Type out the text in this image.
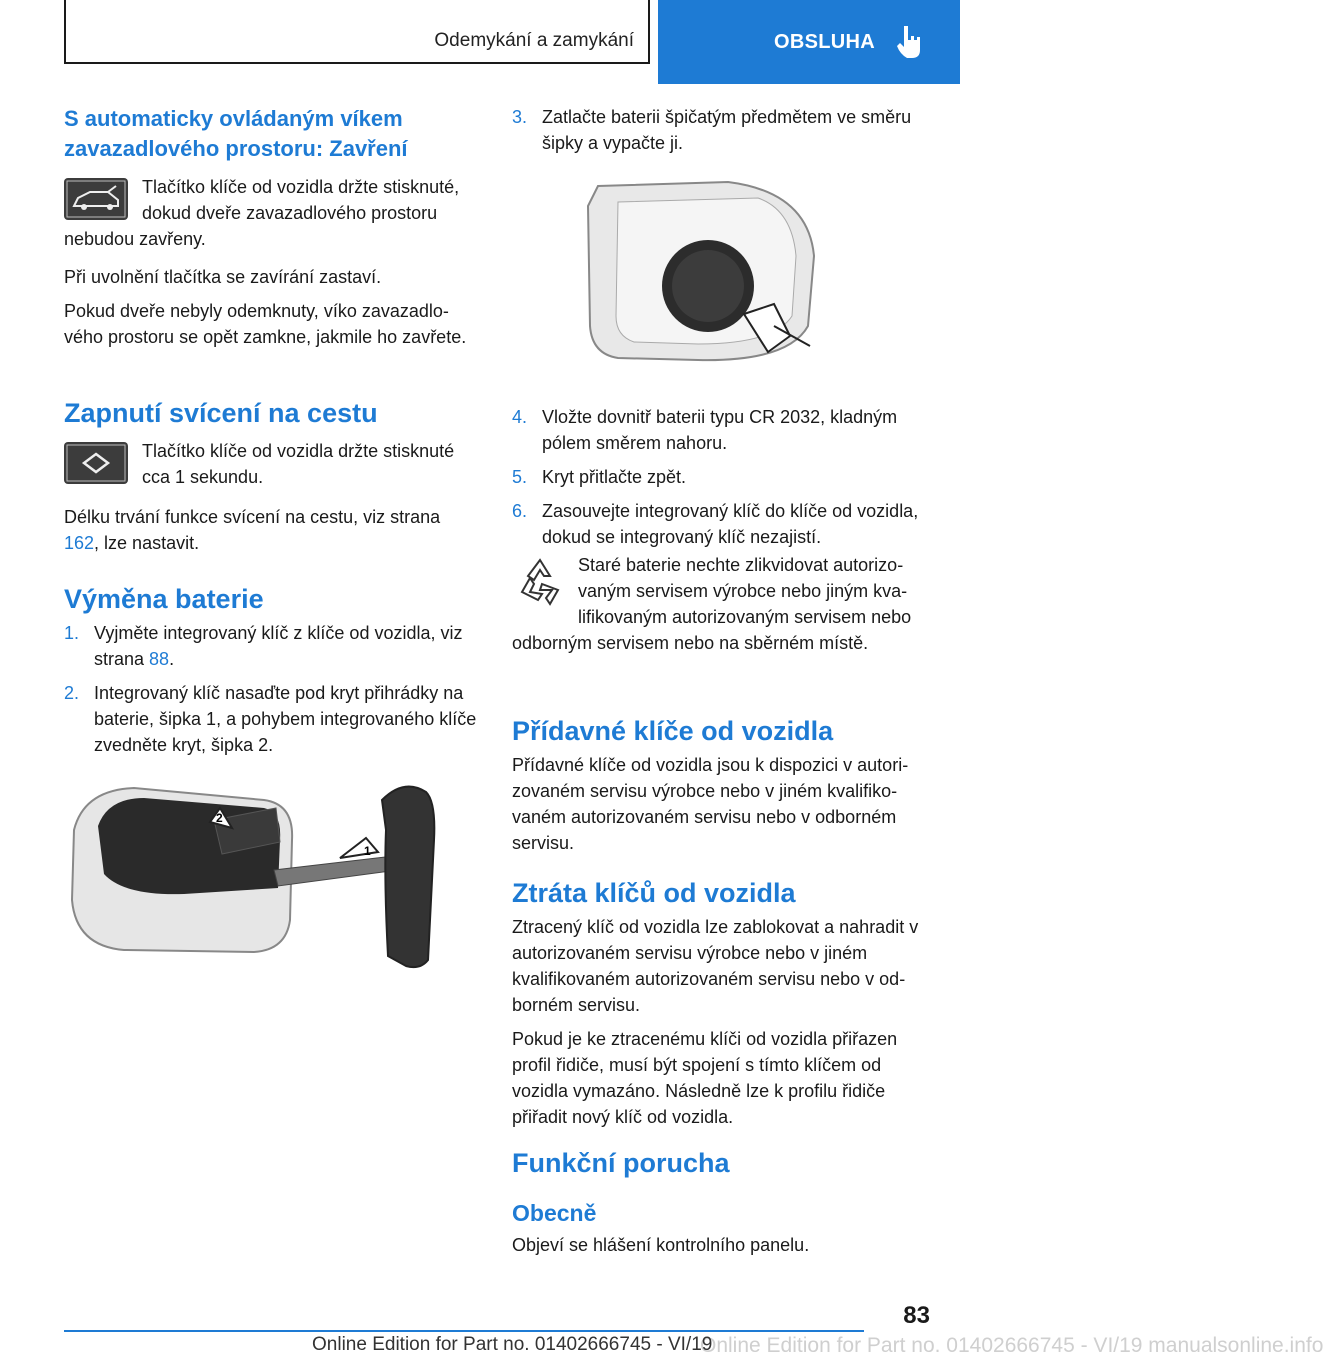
Odemykání a zamykání	OBSLUHA
S automaticky ovládaným víkem zavazadlového prostoru: Zavření

Tlačítko klíče od vozidla držte stisknuté, dokud dveře zavazadlového prostoru nebudou zavřeny.

Při uvolnění tlačítka se zavírání zastaví.

Pokud dveře nebyly odemknuty, víko zavazadlového prostoru se opět zamkne, jakmile ho zavřete.

Zapnutí svícení na cestu

Tlačítko klíče od vozidla držte stisknuté cca 1 sekundu.

Délku trvání funkce svícení na cestu, viz strana 162, lze nastavit.

Výměna baterie
1. Vyjměte integrovaný klíč z klíče od vozidla, viz strana 88.
2. Integrovaný klíč nasaďte pod kryt přihrádky na baterie, šipka 1, a pohybem integrovaného klíče zvedněte kryt, šipka 2.
1
2
3. Zatlačte baterii špičatým předmětem ve směru šipky a vypačte ji.
4. Vložte dovnitř baterii typu CR 2032, kladným pólem směrem nahoru.
5. Kryt přitlačte zpět.
6. Zasouvejte integrovaný klíč do klíče od vozidla, dokud se integrovaný klíč nezajistí.

Staré baterie nechte zlikvidovat autorizovaným servisem výrobce nebo jiným kvalifikovaným autorizovaným servisem nebo odborným servisem nebo na sběrném místě.

Přídavné klíče od vozidla

Přídavné klíče od vozidla jsou k dispozici v autorizovaném servisu výrobce nebo v jiném kvalifikovaném autorizovaném servisu nebo v odborném servisu.

Ztráta klíčů od vozidla

Ztracený klíč od vozidla lze zablokovat a nahradit v autorizovaném servisu výrobce nebo v jiném kvalifikovaném autorizovaném servisu nebo v odborném servisu.

Pokud je ke ztracenému klíči od vozidla přiřazen profil řidiče, musí být spojení s tímto klíčem od vozidla vymazáno. Následně lze k profilu řidiče přiřadit nový klíč od vozidla.

Funkční porucha
Obecně

Objeví se hlášení kontrolního panelu.

83
Online Edition for Part no. 01402666745 - VI/19 manualsonline.info
Online Edition for Part no. 01402666745 - VI/19
